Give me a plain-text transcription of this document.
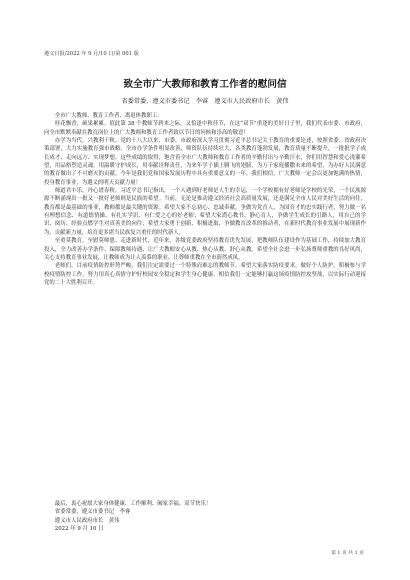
遵义日报/2022 年 9 月/10 日/第 001 版
致全市广大教师和教育工作者的慰问信
省委常委、遵义市委书记　李睿　遵义市人民政府市长　黄伟

全市广大教师、教育工作者、离退休教职工：

桂花飘香，硕果累累。值此第 38 个教师节到来之际，又恰逢中秋佳节，在这“双节”重逢的美好日子里，我们代表市委、市政府，向全市默默奉献在教育岗位上的广大教师和教育工作者致以节日的问候和崇高的敬意！

办学为当代，兴教利千秋。党的十八大以来，市委、市政府深入学习贯彻习近平总书记关于教育的重要论述，按照省委、省政府决策部署，大力实施教育强市战略，全市办学条件明显改善，师资队伍持续壮大，各类教育蓬勃发展，教育质量不断提升，一批批学子成长成才、走向远方、实现梦想，这些成绩的取得，饱含着全市广大教师和教育工作者的辛勤付出与辛勤汗水，你们用智慧和爱心浇灌希望，用品格塑造灵魂，用温暖守护成长，用奉献诠释责任，为来年学子插上腾飞的翅膀，为万千家庭播撒未来的希望，为办好人民满意的教育做出了不可磨灭的贡献，今年是我们党和国家发展历程中具有重要意义的一年，我们相信，广大教师一定会以更加饱满的热情，投身教育事业，为遵义的明天贡献力量！

师道君丰乐，丹心谱春秋。习近平总书记指出，一个人遇到好老师是人生的幸运，一个学校拥有好老师是学校的光荣，一个民族源源不断涌现出一批又一批好老师则是民族的希望。当前，无论是推动遵义经济社会高质量发展，还是满足全市人民对美好生活的向往，教育都是最基础的事业，教师都是最关键的资源。希望大家不忘初心、忠诚奉献，争做为党育人、为国育才的忠实践行者，努力做一名有理想信念、有道德情操、有扎实学识、有仁爱之心的好老师；希望大家潜心教书、静心育人，争做学生成长的引路人，用自己的学识、阅历、经验点燃学生对真善美的向往；希望大家勇于创新、积极进取，争做教育改革的推动者，在新时代教育事业发展中展现新作为、贡献新力量，培育更多堪当民族复兴重任的时代新人。

至重莫教育，至慰莫师恩。走进新时代，近年来，各级党委政府坚持教育优先发展，把教师队伍建设作为基础工作，持续加大教育投入，全力改善办学条件、保障教师待遇，让广大教师安心从教、热心从教、舒心从教。希望全社会进一步弘扬尊师重教的良好风尚，关心支持教育事业发展，让教师成为让人羡慕的职业，让尊师重教在全市蔚然成风。

老师们，目前疫情防控形势严峻，我们注定需要过一个特殊而难忘的教师节。希望大家落实防疫要求，做好个人防护，积极参与学校疫情防控工作，努力用真心真情守护好校园安全稳定和学生身心健康。相信我们一定能够打赢这场疫情防控攻坚战，以实际行动迎接党的二十大胜利召开。

最后，衷心祝愿大家身体健康、工作顺利、阖家幸福、双节快乐！
省委常委、遵义市委书记　李睿
遵义市人民政府市长　黄伟
2022 年 9 月 10 日
第 1 页 共 1 页
